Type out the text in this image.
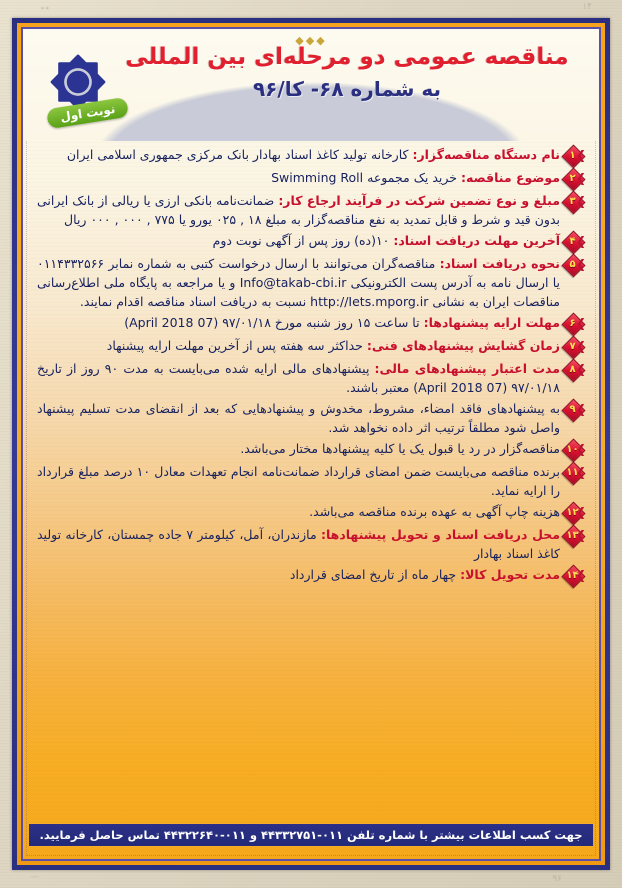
۱۴
٭٭
۹۶
—
◆◆◆
مناقصه عمومی دو مرحله‌ای بین المللی
به شماره ۶۸- کا/۹۶
نوبت اول
۱ ❯
نام دستگاه مناقصه‌گزار: کارخانه تولید کاغذ اسناد بهادار بانک مرکزی جمهوری اسلامی ایران
۲ ❯
موضوع مناقصه: خرید یک مجموعه Swimming Roll
۳ ❯
مبلغ و نوع تضمین شرکت در فرآیند ارجاع کار: ضمانت‌نامه بانکی ارزی یا ریالی از بانک ایرانی بدون قید و شرط و قابل تمدید به نفع مناقصه‌گزار به مبلغ ۱۸ , ۰۲۵ یورو یا ۷۷۵ , ۰۰۰ , ۰۰۰ ریال
۴ ❯
آخرین مهلت دریافت اسناد: ۱۰(ده) روز پس از آگهی نوبت دوم
۵ ❯
نحوه دریافت اسناد: مناقصه‌گران می‌توانند با ارسال درخواست کتبی به شماره نمابر ۰۱۱۴۳۳۲۵۶۶ یا ارسال نامه به آدرس پست الکترونیکی Info@takab-cbi.ir و یا مراجعه به پایگاه ملی اطلاع‌رسانی مناقصات ایران به نشانی http://Iets.mporg.ir نسبت به دریافت اسناد مناقصه اقدام نمایند.
۶ ❯
مهلت ارایه پیشنهادها: تا ساعت ۱۵ روز شنبه مورخ ۹۷/۰۱/۱۸ (07 April 2018)
۷ ❯
زمان گشایش پیشنهادهای فنی: حداکثر سه هفته پس از آخرین مهلت ارایه پیشنهاد
۸ ❯
مدت اعتبار پیشنهادهای مالی: پیشنهادهای مالی ارایه شده می‌بایست به مدت ۹۰ روز از تاریخ ۹۷/۰۱/۱۸ (07 April 2018) معتبر باشند.
۹ ❯
به پیشنهادهای فاقد امضاء، مشروط، مخدوش و پیشنهادهایی که بعد از انقضای مدت تسلیم پیشنهاد واصل شود مطلقاً ترتیب اثر داده نخواهد شد.
۱۰
❯
مناقصه‌گزار در رد یا قبول یک یا کلیه پیشنهادها مختار می‌باشد.
۱۱
❯
برنده مناقصه می‌بایست ضمن امضای قرارداد ضمانت‌نامه انجام تعهدات معادل ۱۰ درصد مبلغ قرارداد را ارایه نماید.
۱۲
❯
هزینه چاپ آگهی به عهده برنده مناقصه می‌باشد.
۱۳
❯
محل دریافت اسناد و تحویل پیشنهادها: مازندران، آمل، کیلومتر ۷ جاده چمستان، کارخانه تولید کاغذ اسناد بهادار
۱۴
❯
مدت تحویل کالا: چهار ماه از تاریخ امضای قرارداد
جهت کسب اطلاعات بیشتر با شماره تلفن ۰۱۱-۴۴۳۳۲۷۵۱ و ۰۱۱-۴۴۳۲۲۶۴۰ تماس حاصل فرمایید.
